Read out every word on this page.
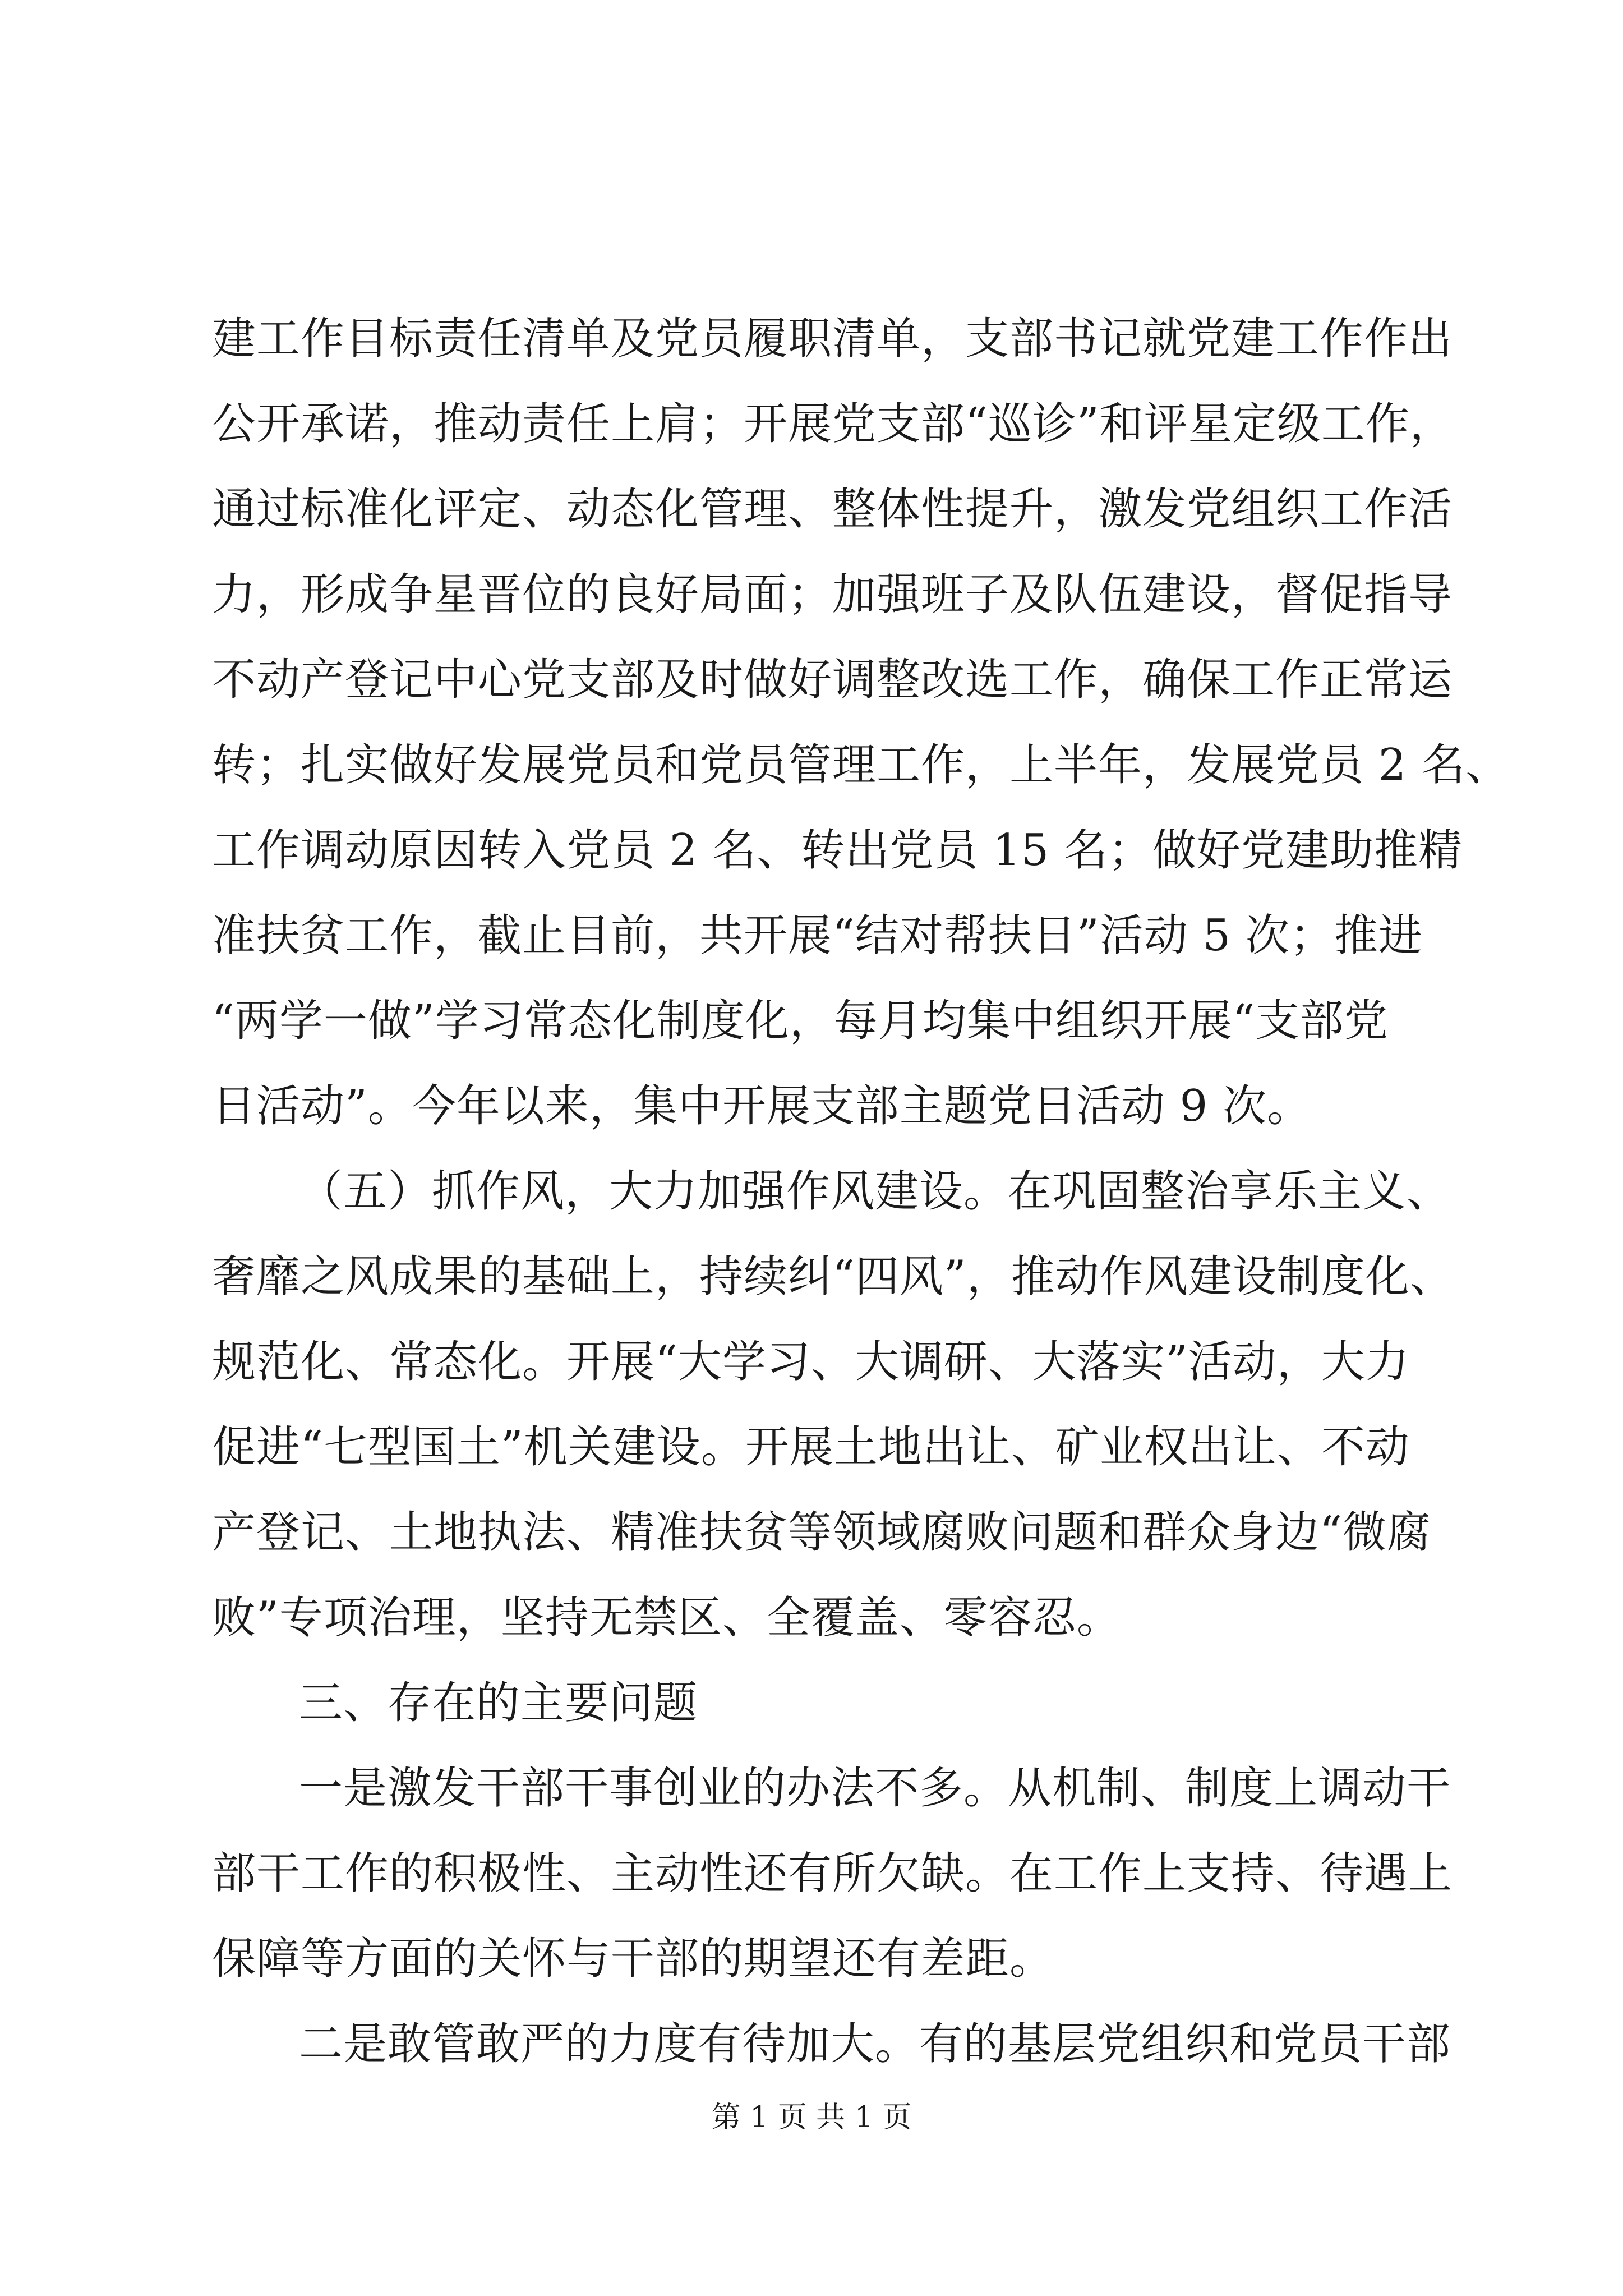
建工作目标责任清单及党员履职清单，支部书记就党建工作作出
公开承诺，推动责任上肩；开展党支部“巡诊”和评星定级工作，
通过标准化评定、动态化管理、整体性提升，激发党组织工作活
力，形成争星晋位的良好局面；加强班子及队伍建设，督促指导
不动产登记中心党支部及时做好调整改选工作，确保工作正常运
转；扎实做好发展党员和党员管理工作，上半年，发展党员 2 名、
工作调动原因转入党员 2 名、转出党员 15 名；做好党建助推精
准扶贫工作，截止目前，共开展“结对帮扶日”活动 5 次；推进
“两学一做”学习常态化制度化，每月均集中组织开展“支部党
日活动”。今年以来，集中开展支部主题党日活动 9 次。
（五）抓作风，大力加强作风建设。在巩固整治享乐主义、
奢靡之风成果的基础上，持续纠“四风”，推动作风建设制度化、
规范化、常态化。开展“大学习、大调研、大落实”活动，大力
促进“七型国土”机关建设。开展土地出让、矿业权出让、不动
产登记、土地执法、精准扶贫等领域腐败问题和群众身边“微腐
败”专项治理，坚持无禁区、全覆盖、零容忍。
三、存在的主要问题
一是激发干部干事创业的办法不多。从机制、制度上调动干
部干工作的积极性、主动性还有所欠缺。在工作上支持、待遇上
保障等方面的关怀与干部的期望还有差距。
二是敢管敢严的力度有待加大。有的基层党组织和党员干部
第 1 页 共 1 页
